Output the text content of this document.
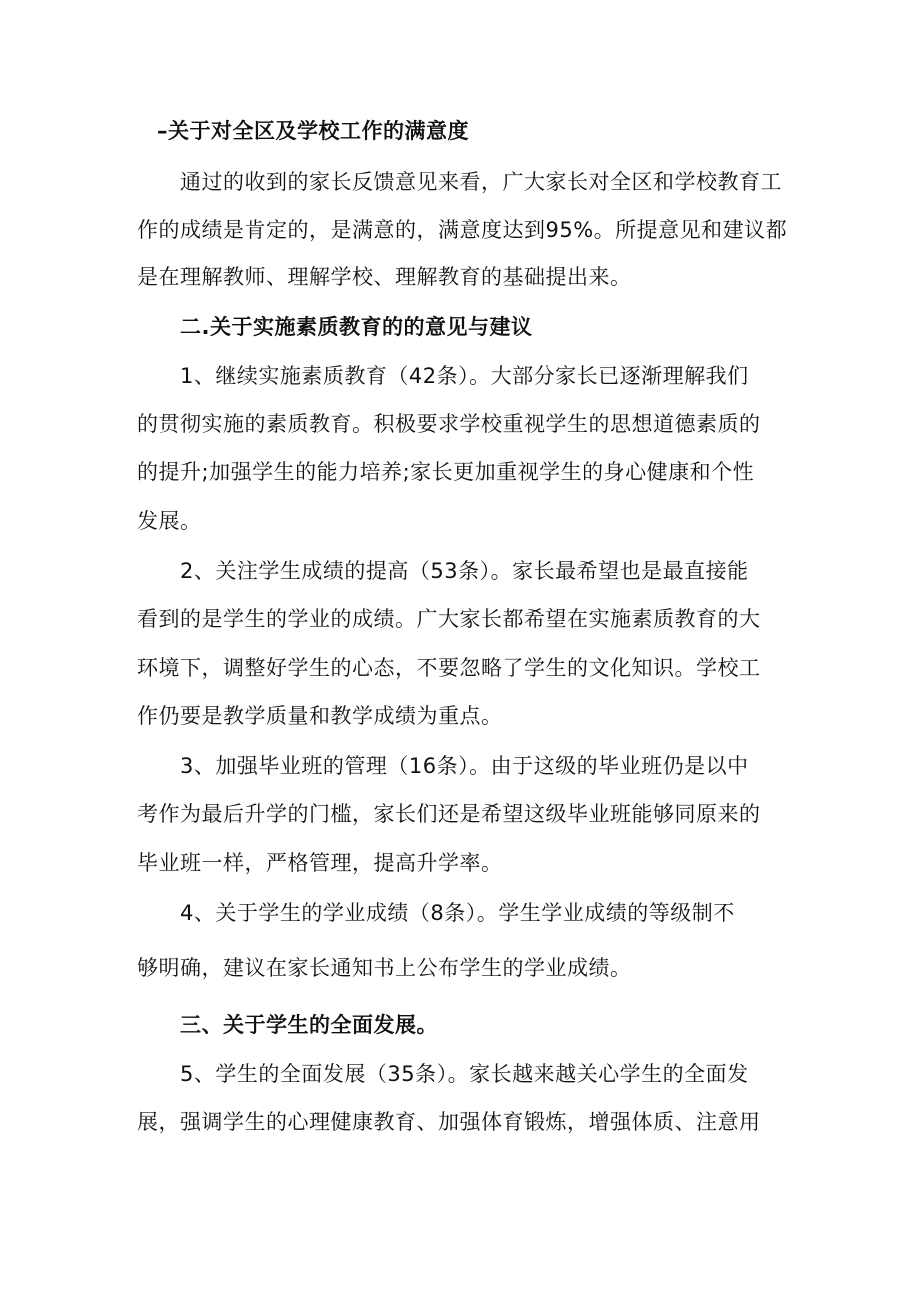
–关于对全区及学校工作的满意度
通过的收到的家长反馈意见来看，广大家长对全区和学校教育工
作的成绩是肯定的，是满意的，满意度达到95%。所提意见和建议都
是在理解教师、理解学校、理解教育的基础提出来。
二.关于实施素质教育的的意见与建议
1、继续实施素质教育（42条）。大部分家长已逐渐理解我们
的贯彻实施的素质教育。积极要求学校重视学生的思想道德素质的
的提升;加强学生的能力培养;家长更加重视学生的身心健康和个性
发展。
2、关注学生成绩的提高（53条）。家长最希望也是最直接能
看到的是学生的学业的成绩。广大家长都希望在实施素质教育的大
环境下，调整好学生的心态，不要忽略了学生的文化知识。学校工
作仍要是教学质量和教学成绩为重点。
3、加强毕业班的管理（16条）。由于这级的毕业班仍是以中
考作为最后升学的门槛，家长们还是希望这级毕业班能够同原来的
毕业班一样，严格管理，提高升学率。
4、关于学生的学业成绩（8条）。学生学业成绩的等级制不
够明确，建议在家长通知书上公布学生的学业成绩。
三、关于学生的全面发展。
5、学生的全面发展（35条）。家长越来越关心学生的全面发
展，强调学生的心理健康教育、加强体育锻炼，增强体质、注意用
